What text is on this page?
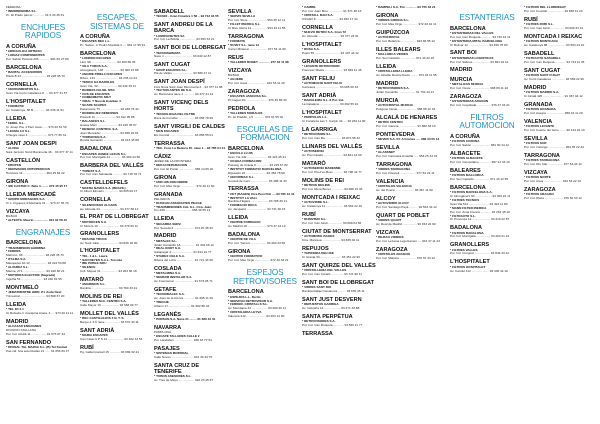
FEDENSA ·
* INMOBIDERMA S.L.
P.I. El Prado parcel ............. 91 6 33 36 51
ENCHUFES RAPIDOS
A CORUÑA
* HIDRAULICA ARTEIXO
* LOINAZ COMPONENTES
Pol. Sabón Parcela 205 ............ 981 60 27 80
BARCELONA
* BANTAL ACCESORIOS
Plaza B 13 ............................ 93 228 95 70
CORNELLA
* CERRAMIENTOS S.L.
Gran Vía Corts Catalanes 8 .... 93 377 31 57
L'HOSPITALET
* FORMATIC
Av. Catalunya, 58 B ............. 93 238 11 51
LLEIDA
* FEDEL S.L.
C/ Josep Pla, 4 Parc Gual ...... 973 20 61 50
* LEUMA 3.0 S.L.
C/Segre nave 1 ...................... 973 77 85 31
SANT JOAN DESPI
* ALONA
Sant Jerònim Nord Mammeria 46 .. 93 377 37 11
CASTELLÓN
* EBOTEN
* DERIVADOS ORTOPEDICOS
Hércules 14 .......................... 964 25 84 22
GIRONA
* SIE CASTER C. Bela 4 ........ 972 45 95 17
LLEIDA MERCADÉ
* GRUPO MORAGUES S.A.
C/ L. Figueres d'Adobaria 31 .... 973 27 35 70
VIZCAYA
BILBAO ·
* ALTEXTIL Maurin ................ 944 32 58 10
ENGRANAJES
BARCELONA
* TRANSMISION GARMINA
* FERRES
Marroco, 68 ......................... 93 228 35 73
* ITALMA S.A.
Masqueles 10-12 ................... 93 224 53 88
* ALVAREZ S.L.
Marina, 271 .......................... 93 248 80 21
* MOTORES ELECTRIC (Sagrada)
Ingelha 51 ......................... 93 230 81 55
MONTMELÓ
* JEMATRENTRE HIDR. P.I. Avda Oest
Trimestral ............................. 93 568 67 20
LLEIDA
* TEL 1D 2.1
C/ Rebuda c/ Joanipina Aneta, 4 .... 973 20 11 11
MADRID
* ALCAZAR ENGRANES
DIVISION STALLANA
Pol. Ind. Alcalá 11 ................. 91 675 87 34
SAN FERNANDO
* DIVINAL TAL MAZDA S.L. (B) Tel.Taumel
Pas.cal. hna autorizadas 21 ...... 91 656 89 37
ESCAPES, SISTEMAS DE
A CORUÑA
* ESCAPES BEX L.L.
P.I. Sabon. c/ Pedro Morabal 4 .... 981 17 99 91
BARCELONA
* LONDON ESCAPES
Llull, 98 ............................. 93 309 86 45
* VILA TUBOS S.A.
Almogàvers, 148 .................. 93 300 21 88
* ANCIRE PIRELLI ESCAPES
Ribes, 134 .......................... 93 245 14 64
* TEKKO GA BAROLES
Gran Vía, 32 ...................... 93 432 45 11
* BORRAS FALNIL 8/SC
* COS DE ESCAPES
* COMENMATIC MILT
* VIDAL Y Nuvola Esteban 4
* SCAPE SCAPES
Pasamonte 75 ...................... 93 248 78 44
* RODRIGUEZ DEBESSES
Pisarelli 11 ....................... 93 312 95 86
* BALANCES S.L.
Ausias Marc ....................... 93 245 45 67
* DESENV. CONTROL S.A.
Joan Mercader ..................... 93 458 22 81
* TURBOVEN S.A.
Ronda Guinardó ................... 93 213 45 88
BADALONA
* ESCAPES HANKE LEXUS S.L.
Pol. Ind. Montigalà 44 ............ 93 460 44 56
BARBERA DEL VALLÉS
* TUBEST S.A.
Pol. Ind. Can Salvatella ........... 93 718 78 71
CASTELLDEFELS
* MAFRA NAVES S.A. (BRAZIL)
C/ Albert Einstein ................ 93 665 09 17
CORNELLA
* SILENCIOSOS ALCARS
Av. Almeda 44 ...................... 93 377 80 12
EL PRAT DE LLOBREGAT
* MOTORCEN S.A.
C/ Motors 10 ........................ 93 379 56 11
GRANOLLERS
* KRAUSE TRUCK
Av. Sant Julià ...................... 93 846 18 00
L'HOSPITALET
* TEL. 1 & L. Laura
* SAN REYES S.A.L. Torcuàs
* IBE POBLE NOU
* SILENCE
Coll. Miquel 31 ................... 93 263 50 18
MATARÓ
* AMARINOS S.L.
Rambla ............................... 93 790 33 21
MOLINS DE REI
* TALLERES M.G. CENTRO S.A.
Calle Mayor 16 .................... 93 668 09 77
MOLLET DEL VALLÉS
* BSC CASTILLEJOS 4 N. T. S.
Banyo-1 4-6 nave ................. 93 570 40 11
SANT ADRIÀ
* MARÍA ESCAPES
Can Casa G P S 14 .................. 93 462 33 54
RUBÍ
Pg. Gallart parcell 15 ............ 93 699 32 41
SABADELL
* TECNIX · Gran Fimebra 1 58 .. 93 712 34 55
SANT ANDREU DE LA BARCA
* LUMOVASETES SA
Pol. Ind. La Bòbila .................. 93 653 33 21
SANT BOI DE LLOBREGAT
* TECNOSHIMATA
Nave 1 ................................ 93 640 12 87
SANT CUGAT
* GRUP ESCAPES S.L.
Pla de Vallès ....................... 93 589 47 11
SANT JOAN DESPÍ
Font Nova Sant Joan Mummeria 4 .. 93 377 11 98
* TECTON ANTES DE S.A.
Av. Barcelona nave 1 ............ 93 477 41 12
SANT VICENÇ DELS HORTS
* TECNOLOGIA DEL FILTRE
Riera de Fonollar .................. 93 656 78 99
SANT VIRGILI DE CALDES
* MCN ESCAPES
Eix Central ............................ 93 865 55 01
TERRASSA
* TEC. Fons La Bedoca P.I. nave 1 .. 93 785 04 44
CÁDIZ
JEREZ DE LA FRONTERA
* DEKAI REPARACION
Pol. Ind. El Portal .................. 956 14 66 22
GIRONA
* UND HIS DON ISIDRE
Pol. Ind. Mas Xirgu ................. 972 40 11 50
GRANADA
PELIGROS
* DUNCAN ASSOCIATES PEAGE
* TRANSMISIONES CAL S.L. Ctra. Jaén
Km 430 .............................. 958 40 55 14
LLEIDA
* SEGARRA SERV.
Pol. Seceda 3 ....................... 973 20 48 33
MADRID
* METALEX S.L.
Julián Camarillo 18 ................ 91 304 66 12
* REAL KNOT S.A.
Galapagar 4 ........................ 91 644 21 77
* STAREX OGLE S.A.
Ribera del Loira .................... 91 721 44 08
COSLADA
* METALMINA S.A.
* SENSOR INSTALAR S.A.
Av. Fuentemar ...................... 91 673 28 71
GETAFE
* TECNOMALEC S.A.
Av. Juan de la Cierva ............ 91 695 11 29
* TRECHE
Alhamí 17 ......................... 91 682 88 04
LEGANÉS
* PORSAN S.A. Nave 21 ........ 91 686 42 31
NAVARRA
PAMPLONA
* ESCAPE TALLERES CALLE 2
Pol. Landaben ..................... 948 18 77 54
PASAJES
* SISTEMAS MOPORAL
Calle Nuevo ......................... 943 39 44 75
SANTA CRUZ DE TENERIFE
* TUBOS ASESORES S.L.
Av. Tres de Mayo .................. 922 23 45 67
SEVILLA
* SERVIS SEVILLA
Pol. Ind. Store ..................... 954 35 12 11
* FILLET IBERICA S.L.
C/ Rive Alerta 14 ................. 954 43 11 55
TARRAGONA
* FORMATE
* SUVET S.L. nave 12
Carrer Miramar .................... 977 54 11 90
REUS
* TALLERES BONET ............. 977 32 11 98
VIZCAYA
BILBAO
* AGUERE
Pol. Ind. Asua ..................... 944 53 11 29
ZARAGOZA
* ESCAPES JANCOSA S.L.
Pl.Cagua Pd. ........................ 976 45 89 33
PEDROLA
* TALLERES MORALES
P.I. El Pradillo, p 5 ............ 976 61 55 02
ESCUELAS DE FORMACION
BARCELONA
* ESCOLA LLUÍS
Gran Vía 142 ....................... 93 423 45 21
* OCHOA FORMACIÓN
Passeig de Gràcia 8 .............. 93 215 67 82
* INSTITUT FORMATIU BARCELONA
Diputació 22 ....................... 93 454 78 90
* CEFORMAC S.L.
Consell de Cent .................... 93 488 11 33
TERRASSA
* CET (BAGES) Ctra.Pest Poli .... 93 785 12 44
* INSTITUT LA VALL
Rambla d'Egara .................... 93 788 33 21
* FORMACIÓ ROCA
Av. Jacquard ....................... 93 731 90 15
LLEIDA
* CENTRE FORMACIÓ
Av. Madrid 18 ...................... 973 27 44 12
BADALONA
* CENTRE DE VILA
Pol. Ind. Torrent .................. 93 460 34 56
GIRONA
* CENTRO FORMATIVO
Pol. Ind. Mas Xirgu ................. 972 40 33 21
ESPEJOS RETROVISORES
BARCELONA
* ESPEJOS L.L. Berlín
* SERVICIO RETROVISOR S.A.
* FERRER, CRISTALLS S.L.
Av. Meridiana 33 .................. 93 309 40 11
* CRISTALERIA LEYVA
Valencia 212 ...................... 93 453 12 90
* CAMBIL
Pol. Ind. Juan Mon. ............... 91 671 48 16
* CRISTALL BAN S.A.
C/Fabril 8 .......................... 93 452 17 44
CORNELLA
* NUEVO RETRO S.A. Gran 72
Av. Almeda ......................... 93 377 22 61
L'HOSPITALET
* ROSA S.A.
Pujós 55 ............................. 93 437 44 12
GRANOLLERS
* LEVANTE RETROVISOR
Francesc Macià ..................... 93 849 11 45
SANT FELIU
* AUTOMOCIÓ SANT FELIU
Carretera ........................... 93 685 09 33
SANT ADRIÀ
* BARALEIRA S.L. 8 Pol. Ind.
La Catalana ....................... 93 462 55 10
L'HOSPITALET
* PERPOLAS L.L.
C/ Fortaleza Las 7, Carpin 44 .... 93 263 11 90
LA GARRIGA
* RETROVISIÓN S.L.
Pol. Ind. Can Illa .................. 93 871 55 42
LLINARS DEL VALLÈS
* AUTOSERVEI
Av. Pau Casals ...................... 93 841 12 09
MATARÓ
* AUTOSERVEI MARESME
Pol. Ind. Pla d'en Boet ........... 93 798 44 77
MOLINS DE REI
* RETROS MOLINS
Pol. Ind. Riera Bonet .............. 93 668 19 45
MONTCADA I REIXAC
* AUTOVIDRE S.L.
Av. Catalunya 11 .................... 93 564 22 15
RUBÍ
* RUBIVISIO S.L.
Pol. Ind. Can Jardí ................ 93 699 04 56
CIUTAT DE MONTSERRAT
* AUTOMOBIL BAGES
Ctra. Manresa ..................... 93 835 02 11
REPUJOS
* TAPICERIA DELUXE
C/ Granja 33 ........................ 93 451 22 90
SANT QUIRZE DEL VALLÈS
* CRISTALLERIA DEL VALLÈS
Pol. Ind. Can Canals .............. 93 721 90 11
SANT BOI DE LLOBREGAT
* VIDRES SANT BOI
Rambla Rafael Casanova ......... 93 630 45 11
SANT JUST DESVERN
* REPUESTOS GARRIGA
Av. Industria 14 ................... 93 371 33 88
SANTA PERPÈTUA
* RETROVISORES S.A.
Pol. Ind. Can Roqueta ............ 93 560 11 77
TERRASSA
* DAMPELI S.A. Pol. ............ 93 755 33 21
GIRONA
* VIDRES GIRONA S.L.
Pol. Ind. Mas Xirgu ................. 972 20 44 11
GUIPÚZCOA
* AUTOCRISTAL
Pol. Ind. Belartza .................. 943 36 55 12
ILLES BALEARS
* MALLORCA VIDRES
Pol. Son Castelló ................. 971 43 22 10
LLEIDA
* CRISTALLERIA LLEIDA
Av. Alcalde Rovira Roure ........ 973 23 11 55
MADRID
* RETROVISORES S.A.
Julián Camarillo ................... 91 754 44 21
MURCIA
* AUTOCRISTAL MURCIA
Polígono Oeste ..................... 968 88 12 33
ALCALÁ DE HENARES
* RETRO CENTRO
Pol. Ind. Garena .................... 91 882 33 10
PONTEVEDRA
* NEVER S.A. P.I. A Granxa ..... 986 34 55 12
SEVILLA
* GLASSNET
Pol. Ind. Carretera Amarilla ..... 954 25 44 33
TARRAGONA
* VIDRES TARRAGONA
Pol. Ind. Francolí .................. 977 54 22 11
VALENCIA
* CRISTALES VALENCIA
Av. del Puerto ..................... 96 367 11 90
ALCOY
* AUTOVIDRIO ALCOY
Pol. Ind. Santiago Payá .......... 96 533 44 12
QUART DE POBLET
* VIDRES QUART
Av. Real de Madrid ................ 96 153 22 90
VIZCAYA
* BILBAO VIDRIOS
Pol. Ind. Lezama Leguizamón .... 944 47 11 23
ZARAGOZA
* CRISTALES ARAGÓN
Pol. Ind. Malpica ................... 976 57 33 12
ESTANTERIAS
BARCELONA
* ESTANTERIAS DEL VALLES
Pol. Ind. Can Roqueta ............ 93 720 44 11
* ESTANTERIA MITAL BARCELONA
C/ Bolívar 12 ....................... 93 456 78 90
SANT BOI
* ESTANTERIAS LOGÍSTICAS
Pol. Ind. Salines ................... 93 654 22 11
MADRID
MURCIA
* METÁLICAS MURCIA
Pol. Ind. Oeste ..................... 968 80 11 22
ZARAGOZA
* ESTANTERIAS ARAGÓN
Pol. Ind. Cogullada ................ 976 47 33 21
FILTROS AUTOMOCION
A CORUÑA
* FILTROS CORUÑA
Pol. Ind. Sabón ..................... 981 60 44 12
ALBACETE
* FILTROS ALBACETE
Pol. Ind. Campollano ............. 967 21 33 10
BALEARES
* FILTROS MALLORCA
Pol. Son Castelló ................. 971 43 12 55
BARCELONA
* FILTROS BARCELONA S.A.
C/ Almogàvers 90 ................... 93 309 22 11
* FILTRES TÈCNICS
Gran Via 512 ....................... 93 423 11 80
* MANN FILTER IBÉRICA
Pol. Ind. Zona Franca ............ 93 263 45 10
* FILTRAUTO S.L.
C/ Provença 12 ..................... 93 410 22 87
BADALONA
* FILTROS BADALONA
Pol. Ind. Montigalà ................ 93 460 21 44
GRANOLLERS
* FILTRES VALLÈS
Pol. Ind. Congost .................. 93 849 33 12
L'HOSPITALET
* FILTROS HOSPITALET
Av. Carrilet 112 .................... 93 336 44 10
* FILTROS DEL LLOBREGAT
Pol. Ind. Fonollar .................. 93 656 11 23
RUBÍ
* FILTRES RUBÍ S.L.
Pol. Ind. Can Jardí ................ 93 699 33 41
MONTCADA I REIXAC
* FILTROS MONTCADA
Av. Catalunya 88 .................... 93 564 44 10
SABADELL
* FILTRAUTO SABADELL
Pol. Ind. Can Roqueta ............ 93 723 11 45
SANT CUGAT
* FILTROS SANT CUGAT
Av. Corts Catalanes ............... 93 589 22 90
MADRID
* FILTROS MADRID S.A.
C/ Alcalá 420 ........................ 91 367 44 12
GRANADA
* FILTROS GRANADA
Pol. Ind. Asegra .................... 958 43 11 20
VALENCIA
* FILTROS LEVANTE
Pol. Ind. Fuente del Jarro ....... 96 134 22 10
SEVILLA
* FILTROS SUR
Pol. Ind. Calonge ................... 954 35 22 44
TARRAGONA
* FILTRES TARRAGONA
Pol. Ind. Riu Clar ................. 977 54 44 12
VIZCAYA
* FILTROS NORTE
Pol. Ind. Asua ..................... 944 53 22 10
ZARAGOZA
* FILTROS ARAGÓN
Pol. Ind. Plaza ..................... 976 50 33 12
